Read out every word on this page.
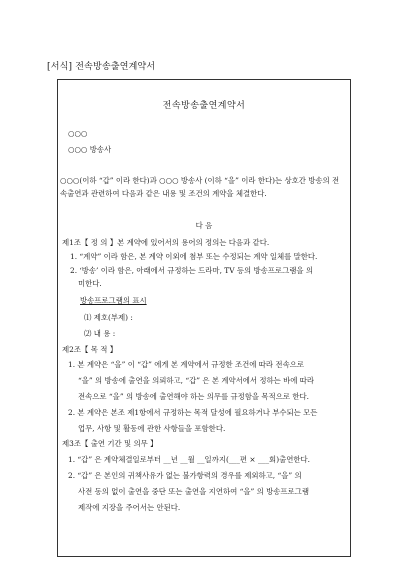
[서식] 전속방송출연계약서
전속방송출연계약서
○○○
○○○ 방송사
○○○(이하 “갑” 이라 한다)과 ○○○ 방송사 (이하 “을” 이라 한다)는 상호간 방송의 전속출연과 관련하여 다음과 같은 내용 및 조건의 계약을 체결한다.
다 음
제1조【 정 의 】본 계약에 있어서의 용어의 정의는 다음과 같다.
1. “계약” 이라 함은, 본 계약 이외에 첨부 또는 수정되는 계약 일체를 말한다.
2. ‘방송’ 이라 함은, 아래에서 규정하는 드라마, TV 등의 방송프로그램을 의
미한다.
방송프로그램의 표시
⑴ 제호(부제) :
⑵ 내 용 :
제2조【 목 적 】
1. 본 계약은 “을” 이 “갑” 에게 본 계약에서 규정한 조건에 따라 전속으로
“을” 의 방송에 출연을 의뢰하고, “갑” 은 본 계약서에서 정하는 바에 따라
전속으로 “을” 의 방송에 출연해야 하는 의무를 규정함을 목적으로 한다.
2. 본 계약은 본조 제1항에서 규정하는 목적 달성에 필요하거나 부수되는 모든
업무, 사항 및 활동에 관한 사항들을 포함한다.
제3조【 출연 기간 및 의무 】
1. “갑” 은 계약체결일로부터 __년 __월 __일까지(___편 × ___회)출연한다.
2. “갑” 은 본인의 귀책사유가 없는 불가항력의 경우를 제외하고, “을” 의
사전 동의 없이 출연을 중단 또는 출연을 지연하여 “을” 의 방송프로그램
제작에 지장을 주어서는 안된다.
